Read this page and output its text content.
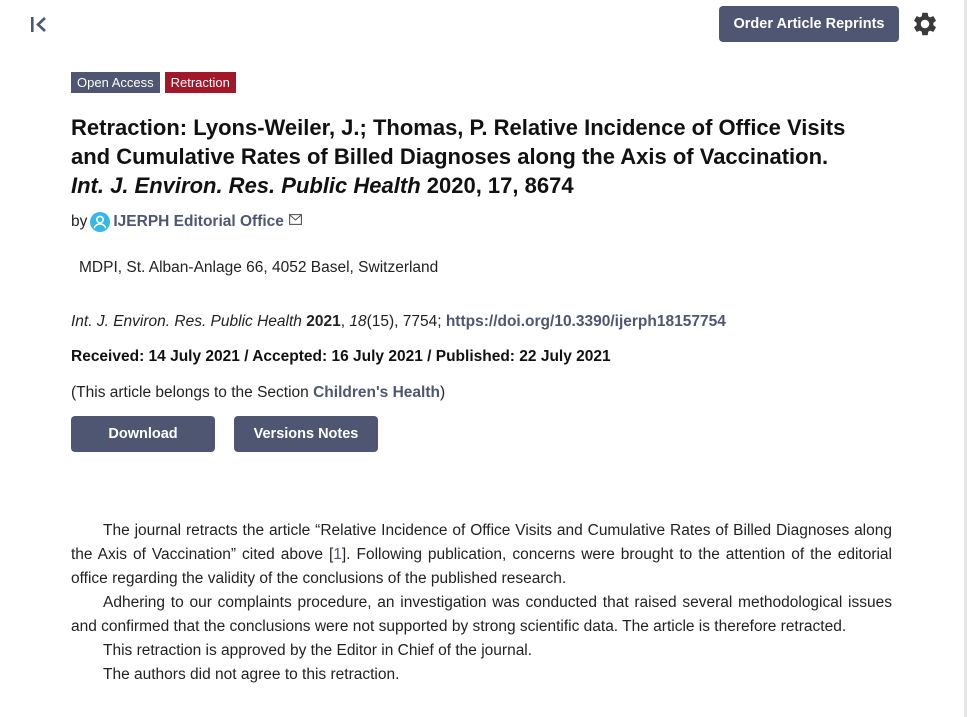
Order Article Reprints
Open Access	Retraction
Retraction: Lyons-Weiler, J.; Thomas, P. Relative Incidence of Office Visits and Cumulative Rates of Billed Diagnoses along the Axis of Vaccination. Int. J. Environ. Res. Public Health 2020, 17, 8674
by IJERPH Editorial Office
MDPI, St. Alban-Anlage 66, 4052 Basel, Switzerland
Int. J. Environ. Res. Public Health 2021, 18(15), 7754; https://doi.org/10.3390/ijerph18157754
Received: 14 July 2021 / Accepted: 16 July 2021 / Published: 22 July 2021
(This article belongs to the Section Children's Health)
Download	Versions Notes

The journal retracts the article “Relative Incidence of Office Visits and Cumulative Rates of Billed Diagnoses along the Axis of Vaccination” cited above [1]. Following publication, concerns were brought to the attention of the editorial office regarding the validity of the conclusions of the published research.

Adhering to our complaints procedure, an investigation was conducted that raised several methodological issues and confirmed that the conclusions were not supported by strong scientific data. The article is therefore retracted.

This retraction is approved by the Editor in Chief of the journal.

The authors did not agree to this retraction.
